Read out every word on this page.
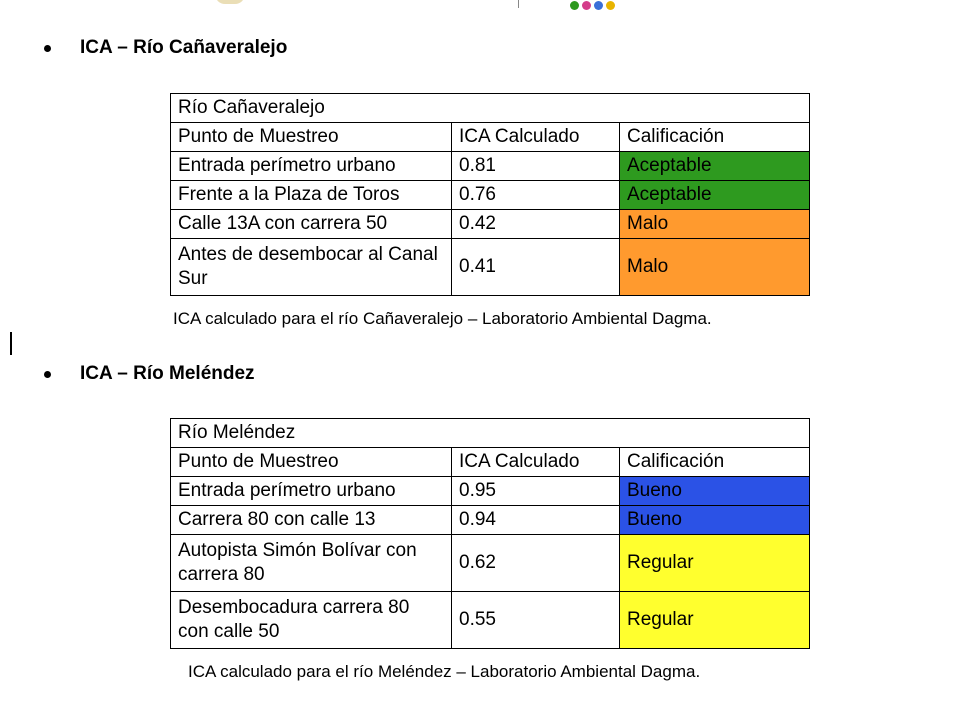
ICA – Río Cañaveralejo
Río Cañaveralejo		
Punto de Muestreo	ICA Calculado	Calificación
Entrada perímetro urbano	0.81	Aceptable
Frente a la Plaza de Toros	0.76	Aceptable
Calle 13A con carrera 50	0.42	Malo
Antes de desembocar al Canal Sur	0.41	Malo
ICA calculado para el río Cañaveralejo – Laboratorio Ambiental Dagma.
ICA – Río Meléndez
Río Meléndez		
Punto de Muestreo	ICA Calculado	Calificación
Entrada perímetro urbano	0.95	Bueno
Carrera 80 con calle 13	0.94	Bueno
Autopista Simón Bolívar con carrera 80	0.62	Regular
Desembocadura carrera 80 con calle 50	0.55	Regular
ICA calculado para el río Meléndez – Laboratorio Ambiental Dagma.
